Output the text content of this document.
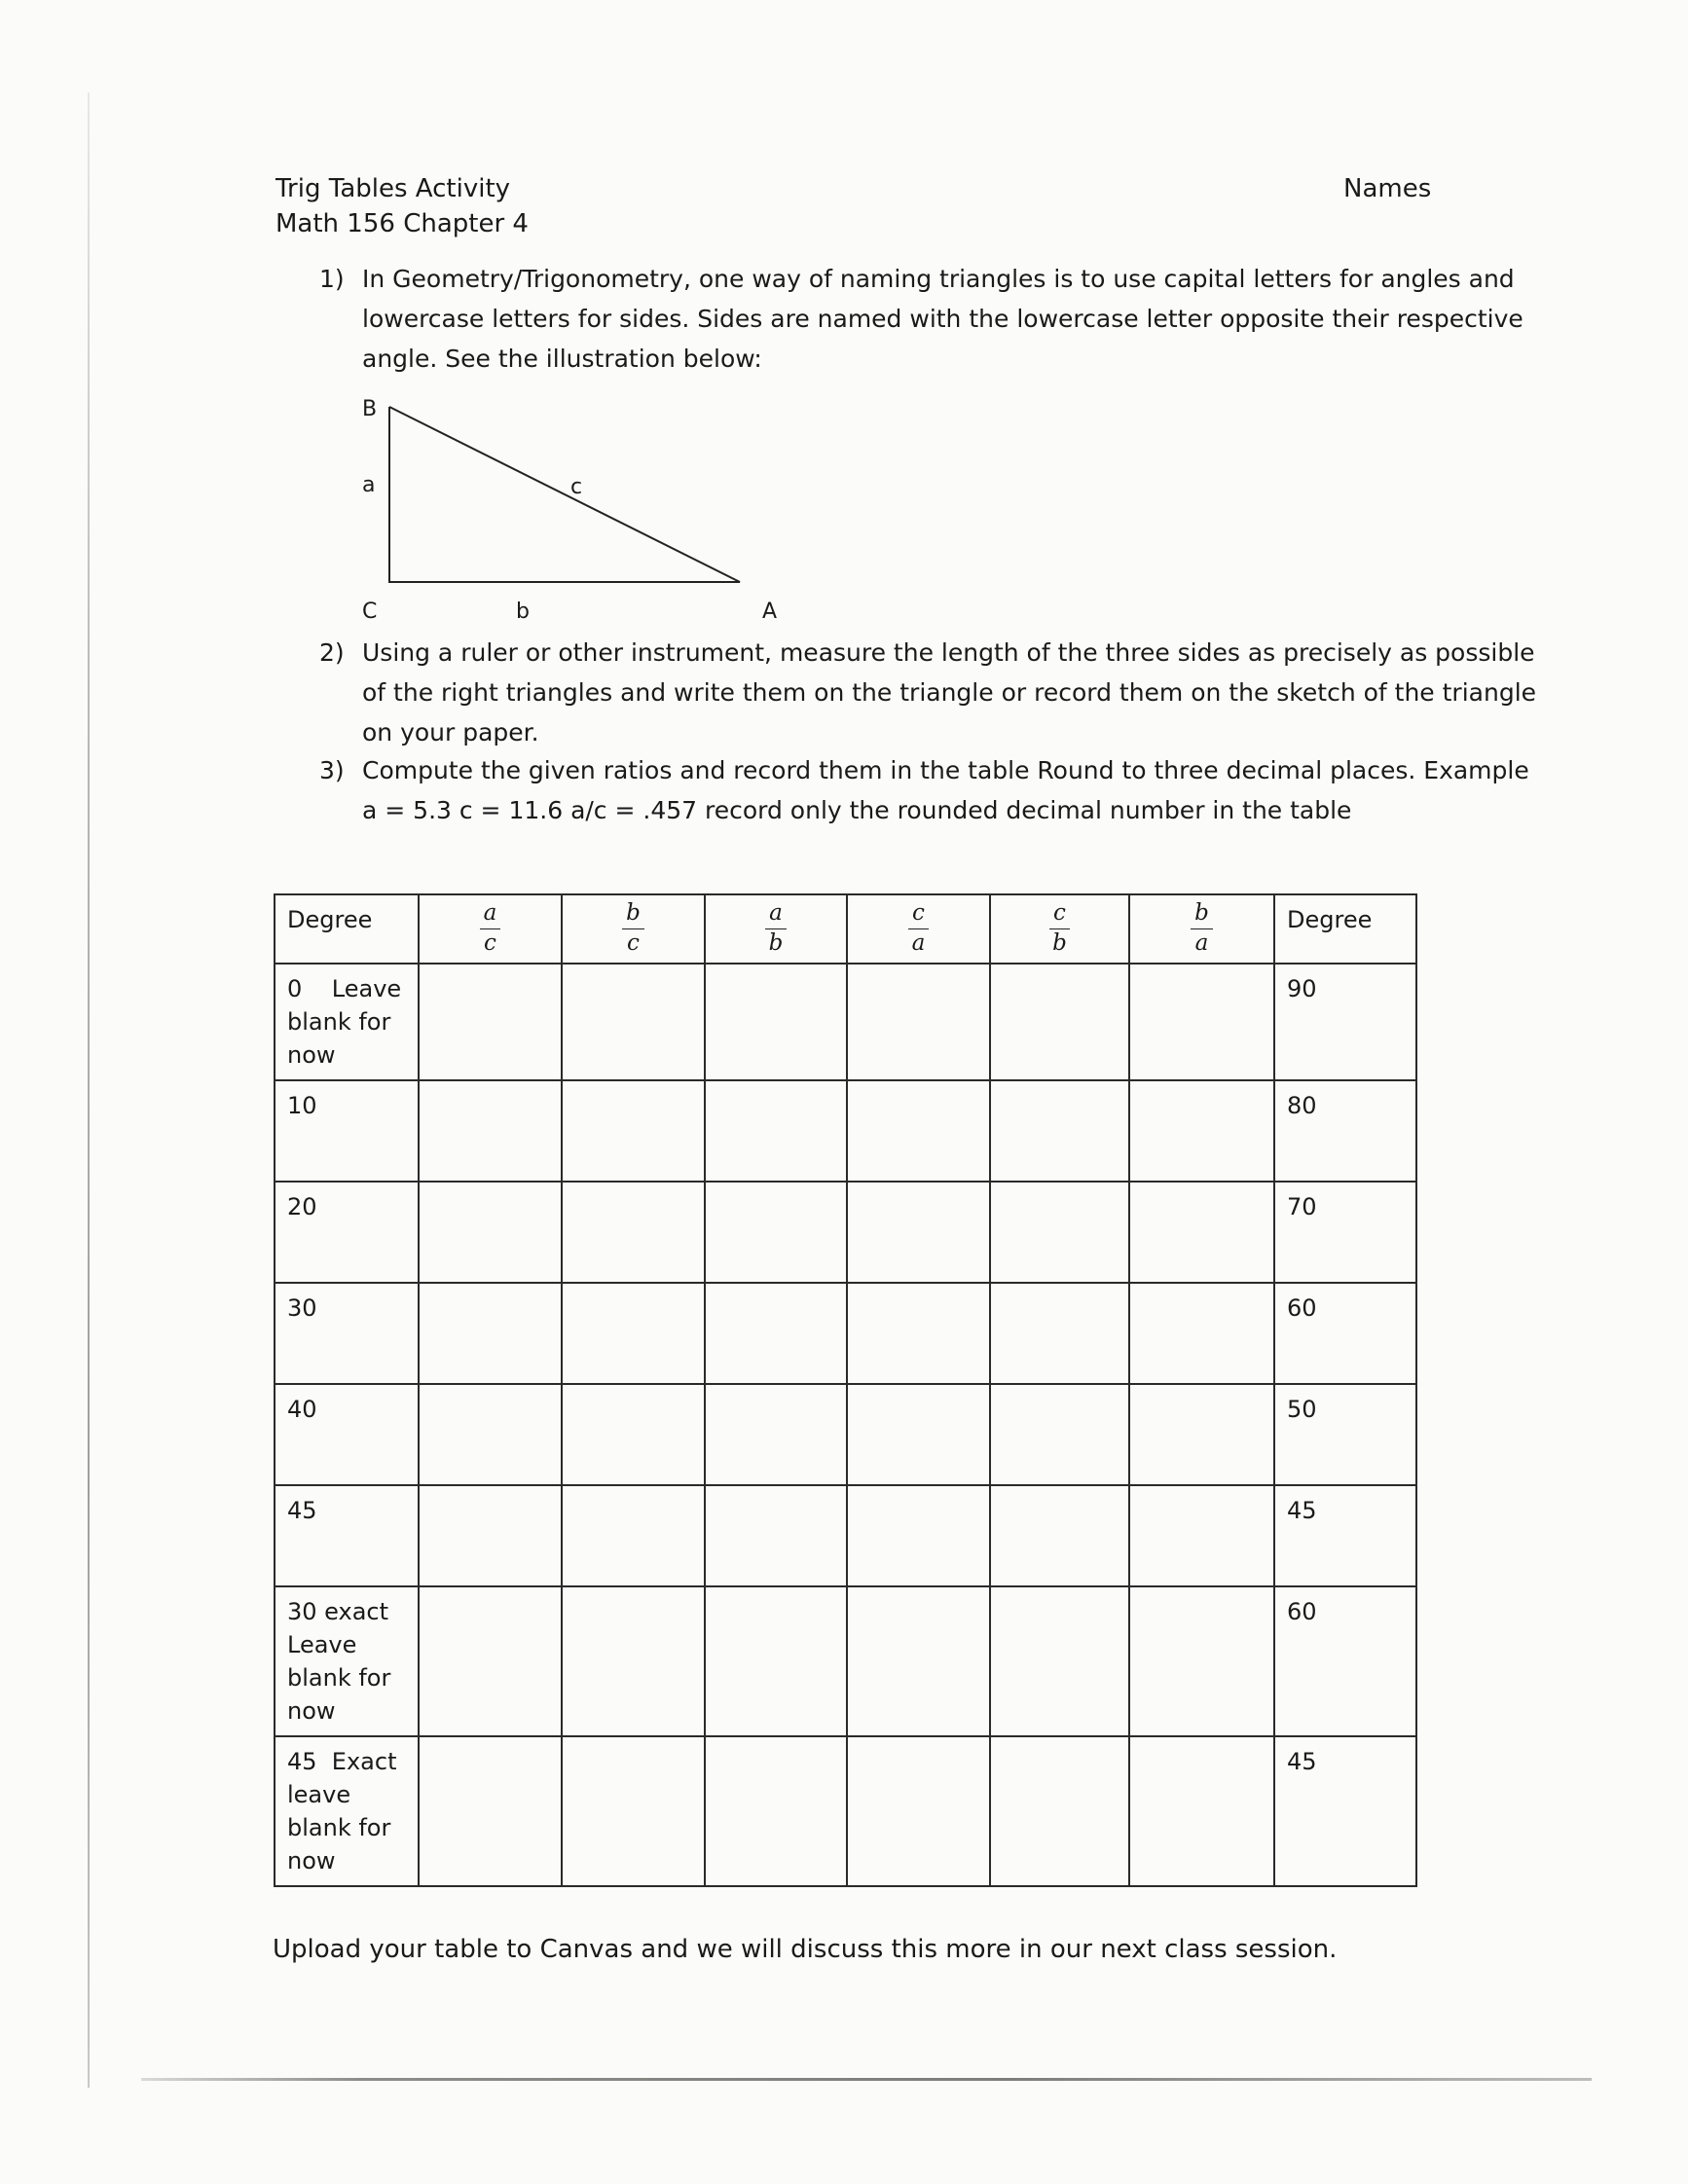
Trig Tables Activity
Math 156 Chapter 4
Names
1) In Geometry/Trigonometry, one way of naming triangles is to use capital letters for angles and
lowercase letters for sides. Sides are named with the lowercase letter opposite their respective
angle. See the illustration below:
B
a	c
C	b	A
2) Using a ruler or other instrument, measure the length of the three sides as precisely as possible
of the right triangles and write them on the triangle or record them on the sketch of the triangle
on your paper.
3) Compute the given ratios and record them in the table Round to three decimal places. Example
a = 5.3 c = 11.6 a/c = .457 record only the rounded decimal number in the table
Degree	$\frac{a}{c}$	$\frac{b}{c}$	$\frac{a}{b}$	$\frac{c}{a}$	$\frac{c}{b}$	$\frac{b}{a}$	Degree

0    Leave
blank for
now							90

10							80

20							70

30							60

40							50

45							45

30 exact
Leave
blank for
now							60

45  Exact
leave
blank for
now							45
Upload your table to Canvas and we will discuss this more in our next class session.
